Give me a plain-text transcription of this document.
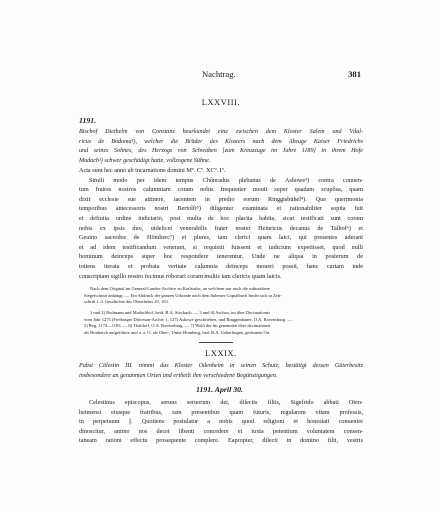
Nachtrag.	381
LXXVIII.
1191.
Bischof Diethelm von Constanz beurkundet eine zwischen dem Kloster Salem und Vdal-
ricus de Bodoma¹), welcher die Brüder des Klosters nach dem Abzuge Kaiser Friedrichs
und seines Sohnes, des Herzogs von Schwaben [zum Kreuzzuge im Jahre 1189] in ihrem Hofe
Madach²) schwer geschädigt hatte, vollzogene Sühne.
Acta sunt hec anno ab incarnatione domini Mº. Cº. XCº. Iº.
Simili modo per idem tempus Chônradus plebanus de Ashowe³) contra conuen-
tum fratres nostros calumniam coram nobis frequenter mouit super quadam scupôsa, quam
dixit ecclesie sue attinere, iacentem in predio eorum Ringgisbühel⁴). Que querimonia
temporibus antecessoris nostri Bertolfi⁵) diligenter examinata et rationabiliter sopita fuit
et definita ordine iudiciario, post multa de hoc placita habita, sicut testificati sunt coram
nobis ex ipsis duo, uidelicet venerabilis frater noster Heinricus decanus de Talhof⁶) et
Geuino sacerdos de Hömberc⁷) et plures, tam clerici quam laici, qui presentes aderant
et ad idem testificandum venerant, si requisiti fuissent et iudicium expetiisset, quod nulli
hominum deinceps super hoc respondere tenerentur. Unde ne aliqua in posterum de
totiens iterata et probata veritate calumnia deinceps moueri possit, hanc cartam inde
conscriptam sigillo nostro fecimus roborari coram multis tam clericis quam laicis.
Nach dem Original im General-Landes-Archive zu Karlsruhe, an welchem nur noch die rothseidene
Siegelschnur anhängt. — Ein Abdruck der ganzen Urkunde nach dem Salemer Copialbuch findet sich in Zeit-
schrift f. d. Geschichte des Oberrheins 29, 163.
1 und 2) Bodmann und Madachhof, beid. B.A. Stockach. — 3 und 4) Aschau, im über Decimationis
vom Jahr 1275 (Freiburger Diöcesan-Archiv 1, 127) Ashowe geschrieben, und Ringgenbauer, O.A. Ravensburg. —
5) Reg. 1174—1183. — 6) Thaldorf, O.A. Ravensburg. — 7) Wohl der im genannten über decimationis
als Honberch aufgeführte und a. a. O. als Ober-, Unter-Homberg, bad. B.A. Ueberlingen, gedeutete Ort.
LXXIX.
Pabst Cölestin III. nimmt das Kloster Odenheim in seinen Schutz, bestätigt dessen Güterbesitz
insbesondere an genannten Orten und ertheilt ihm verschiedene Begünstigungen.
1191. April 30.
Celestinus episcopus, seruus seruorum dei, dilectis filiis, Sigefrido abbati Oten-
heimensi eiusque fratribus, tam presentibus quam futuris, regularem vitam professis,
in perpetuum ||. Quotiens postulatur a nobis quod religioni et honestati conuenire
dinoscitur, animo nos decet libenti concedere et iuxta petentium voluntatem consen-
taneam rationi effectu prosequente complere. Eapropter, dilecti in domino filii, vestris
